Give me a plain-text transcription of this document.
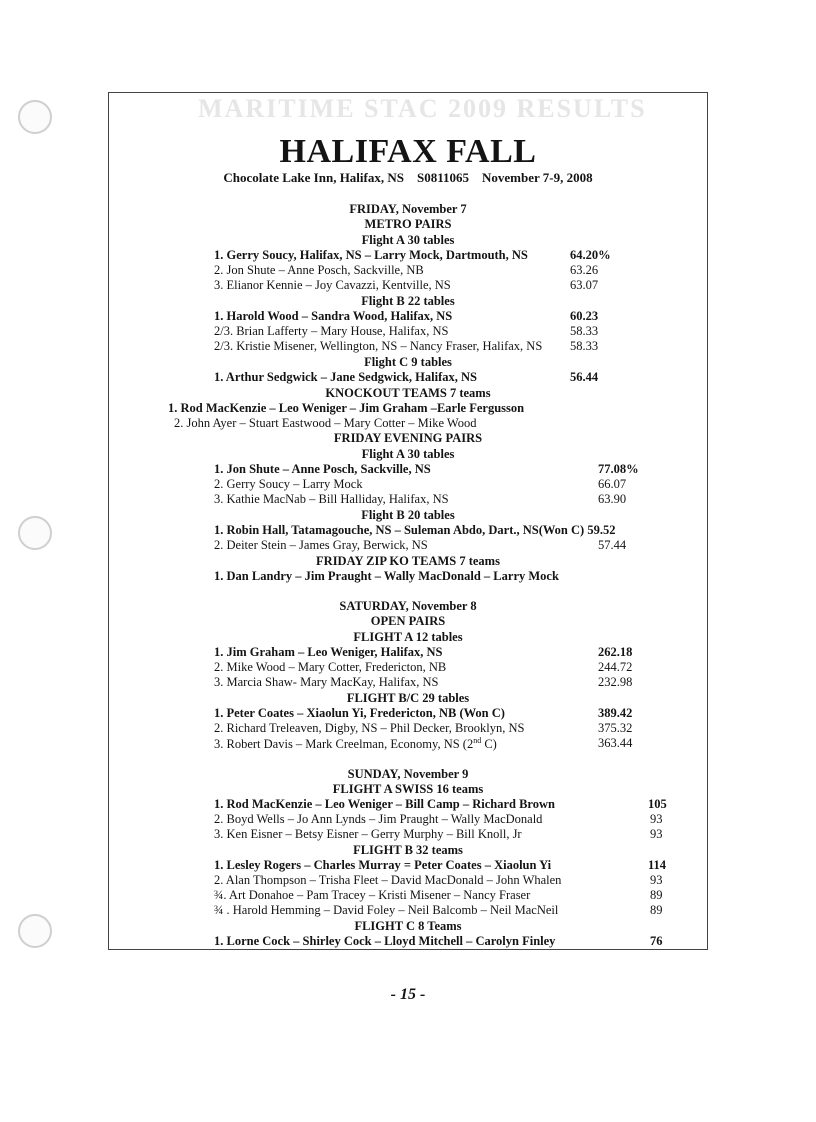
MARITIME STAC 2009 RESULTS
HALIFAX FALL
Chocolate Lake Inn, Halifax, NS    S0811065    November 7-9, 2008
FRIDAY, November 7
METRO PAIRS
Flight A 30 tables
1. Gerry Soucy, Halifax, NS – Larry Mock, Dartmouth, NS	64.20%
2. Jon Shute – Anne Posch, Sackville, NB	63.26
3. Elianor Kennie – Joy Cavazzi, Kentville, NS	63.07
Flight B 22 tables
1. Harold Wood – Sandra Wood, Halifax, NS	60.23
2/3. Brian Lafferty – Mary House, Halifax, NS	58.33
2/3. Kristie Misener, Wellington, NS – Nancy Fraser, Halifax, NS 58.33
Flight C 9 tables
1. Arthur Sedgwick – Jane Sedgwick, Halifax, NS	56.44
KNOCKOUT TEAMS 7 teams
1. Rod MacKenzie – Leo Weniger – Jim Graham –Earle Fergusson
2. John Ayer – Stuart Eastwood – Mary Cotter – Mike Wood
FRIDAY EVENING PAIRS
Flight A 30 tables
1. Jon Shute – Anne Posch, Sackville, NS	77.08%
2. Gerry Soucy – Larry Mock	66.07
3. Kathie MacNab – Bill Halliday, Halifax, NS	63.90
Flight B 20 tables
1. Robin Hall, Tatamagouche, NS – Suleman Abdo, Dart., NS(Won C) 59.52
2. Deiter Stein – James Gray, Berwick, NS	57.44
FRIDAY ZIP KO TEAMS 7 teams
1. Dan Landry – Jim Praught – Wally MacDonald – Larry Mock
SATURDAY, November 8
OPEN PAIRS
FLIGHT A 12 tables
1. Jim Graham – Leo Weniger, Halifax, NS	262.18
2. Mike Wood – Mary Cotter, Fredericton, NB	244.72
3. Marcia Shaw- Mary MacKay, Halifax, NS	232.98
FLIGHT B/C 29 tables
1. Peter Coates – Xiaolun Yi, Fredericton, NB (Won C)	389.42
2. Richard Treleaven, Digby, NS – Phil Decker, Brooklyn, NS	375.32
3. Robert Davis – Mark Creelman, Economy, NS (2nd C)	363.44
SUNDAY, November 9
FLIGHT A SWISS 16 teams
1. Rod MacKenzie – Leo Weniger – Bill Camp – Richard Brown	105
2. Boyd Wells – Jo Ann Lynds – Jim Praught – Wally MacDonald	93
3. Ken Eisner – Betsy Eisner – Gerry Murphy – Bill Knoll, Jr	93
FLIGHT B 32 teams
1. Lesley Rogers – Charles Murray = Peter Coates – Xiaolun Yi	114
2. Alan Thompson – Trisha Fleet – David MacDonald – John Whalen	93
¾. Art Donahoe – Pam Tracey – Kristi Misener – Nancy Fraser	89
¾ . Harold Hemming – David Foley – Neil Balcomb – Neil MacNeil	89
FLIGHT C 8 Teams
1. Lorne Cock – Shirley Cock – Lloyd Mitchell – Carolyn Finley	76
- 15 -
